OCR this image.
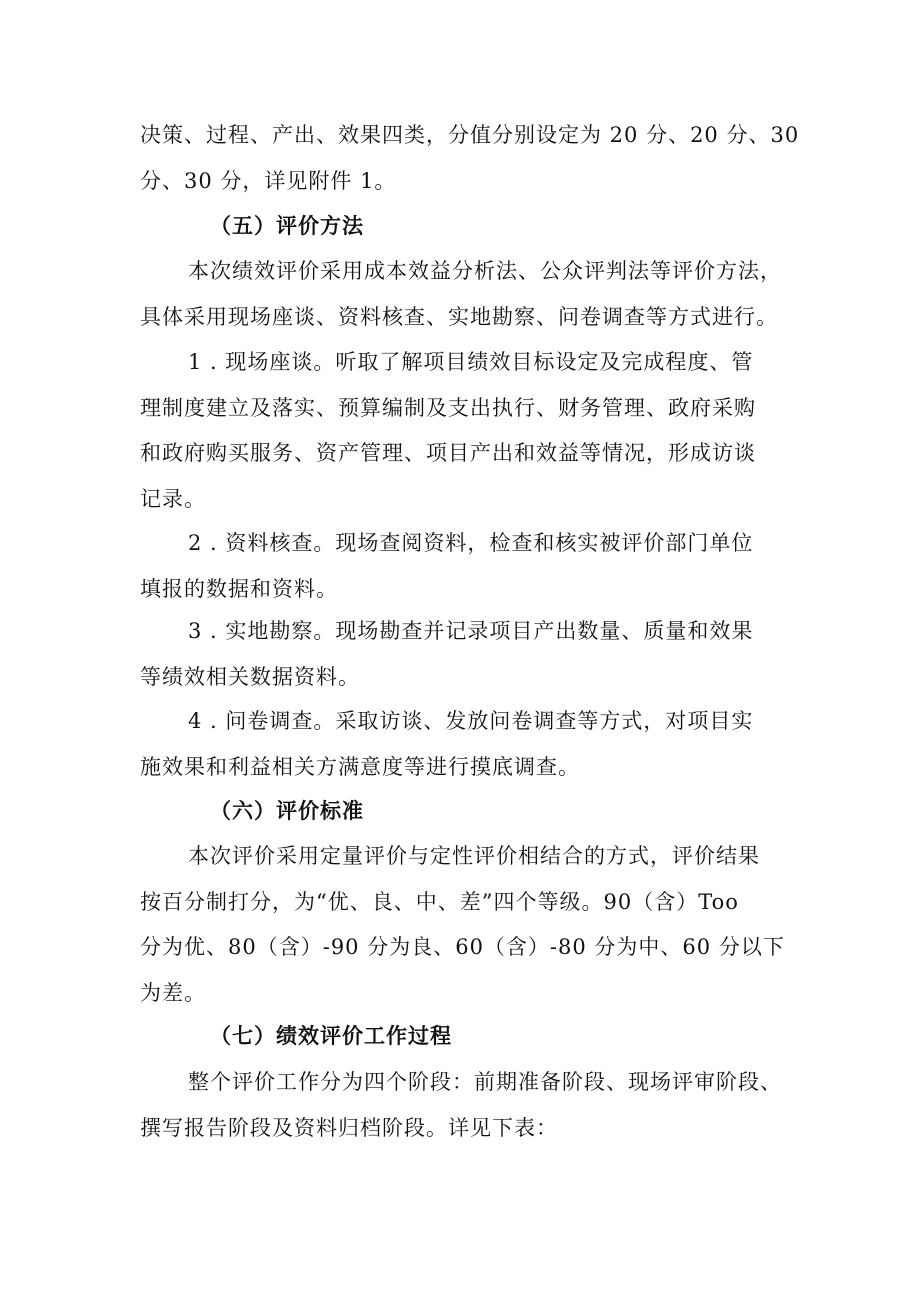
决策、过程、产出、效果四类，分值分别设定为 20 分、20 分、30
分、30 分，详见附件 1。
（五）评价方法
本次绩效评价采用成本效益分析法、公众评判法等评价方法，
具体采用现场座谈、资料核查、实地勘察、问卷调查等方式进行。
1 . 现场座谈。听取了解项目绩效目标设定及完成程度、管
理制度建立及落实、预算编制及支出执行、财务管理、政府采购
和政府购买服务、资产管理、项目产出和效益等情况，形成访谈
记录。
2 . 资料核查。现场查阅资料，检查和核实被评价部门单位
填报的数据和资料。
3 . 实地勘察。现场勘查并记录项目产出数量、质量和效果
等绩效相关数据资料。
4 . 问卷调查。采取访谈、发放问卷调查等方式，对项目实
施效果和利益相关方满意度等进行摸底调查。
（六）评价标准
本次评价采用定量评价与定性评价相结合的方式，评价结果
按百分制打分，为“优、良、中、差”四个等级。90（含）Too
分为优、80（含）-90 分为良、60（含）-80 分为中、60 分以下
为差。
（七）绩效评价工作过程
整个评价工作分为四个阶段：前期准备阶段、现场评审阶段、
撰写报告阶段及资料归档阶段。详见下表：
